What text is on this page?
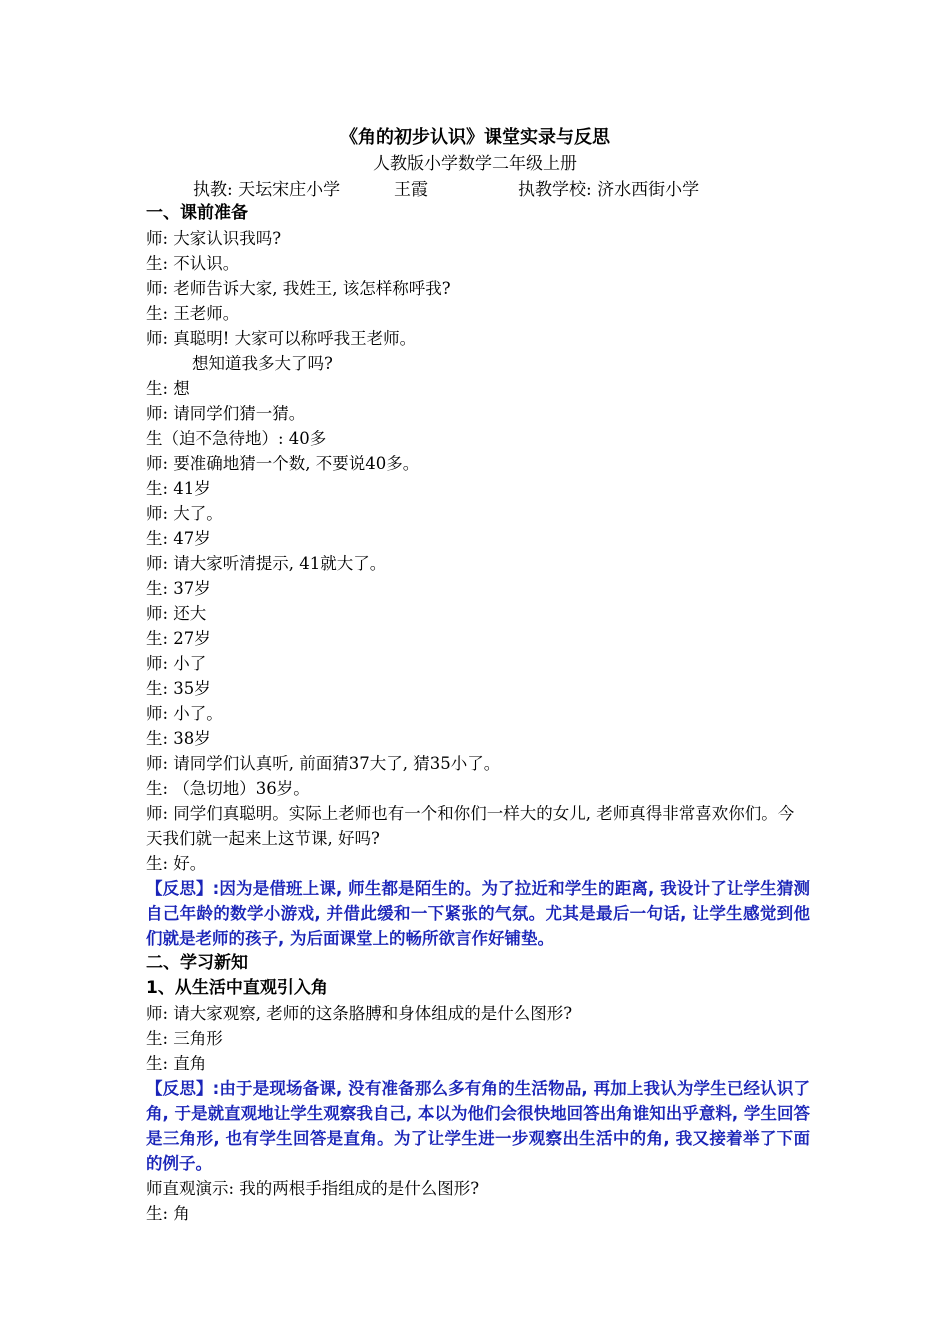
《角的初步认识》课堂实录与反思
人教版小学数学二年级上册
执教: 天坛宋庄小学	王霞	执教学校: 济水西街小学
一、课前准备
师: 大家认识我吗?
生: 不认识。
师: 老师告诉大家, 我姓王, 该怎样称呼我?
生: 王老师。
师: 真聪明! 大家可以称呼我王老师。
想知道我多大了吗?
生: 想
师: 请同学们猜一猜。
生（迫不急待地）: 40多
师: 要准确地猜一个数, 不要说40多。
生: 41岁
师: 大了。
生: 47岁
师: 请大家听清提示, 41就大了。
生: 37岁
师: 还大
生: 27岁
师: 小了
生: 35岁
师: 小了。
生: 38岁
师: 请同学们认真听, 前面猜37大了, 猜35小了。
生: （急切地）36岁。
师: 同学们真聪明。实际上老师也有一个和你们一样大的女儿, 老师真得非常喜欢你们。今天我们就一起来上这节课, 好吗?
生: 好。
【反思】:因为是借班上课, 师生都是陌生的。为了拉近和学生的距离, 我设计了让学生猜测自己年龄的数学小游戏, 并借此缓和一下紧张的气氛。尤其是最后一句话, 让学生感觉到他们就是老师的孩子, 为后面课堂上的畅所欲言作好铺垫。
二、学习新知
1、从生活中直观引入角
师: 请大家观察, 老师的这条胳膊和身体组成的是什么图形?
生: 三角形
生: 直角
【反思】:由于是现场备课, 没有准备那么多有角的生活物品, 再加上我认为学生已经认识了角, 于是就直观地让学生观察我自己, 本以为他们会很快地回答出角谁知出乎意料, 学生回答是三角形, 也有学生回答是直角。为了让学生进一步观察出生活中的角, 我又接着举了下面的例子。
师直观演示: 我的两根手指组成的是什么图形?
生: 角
